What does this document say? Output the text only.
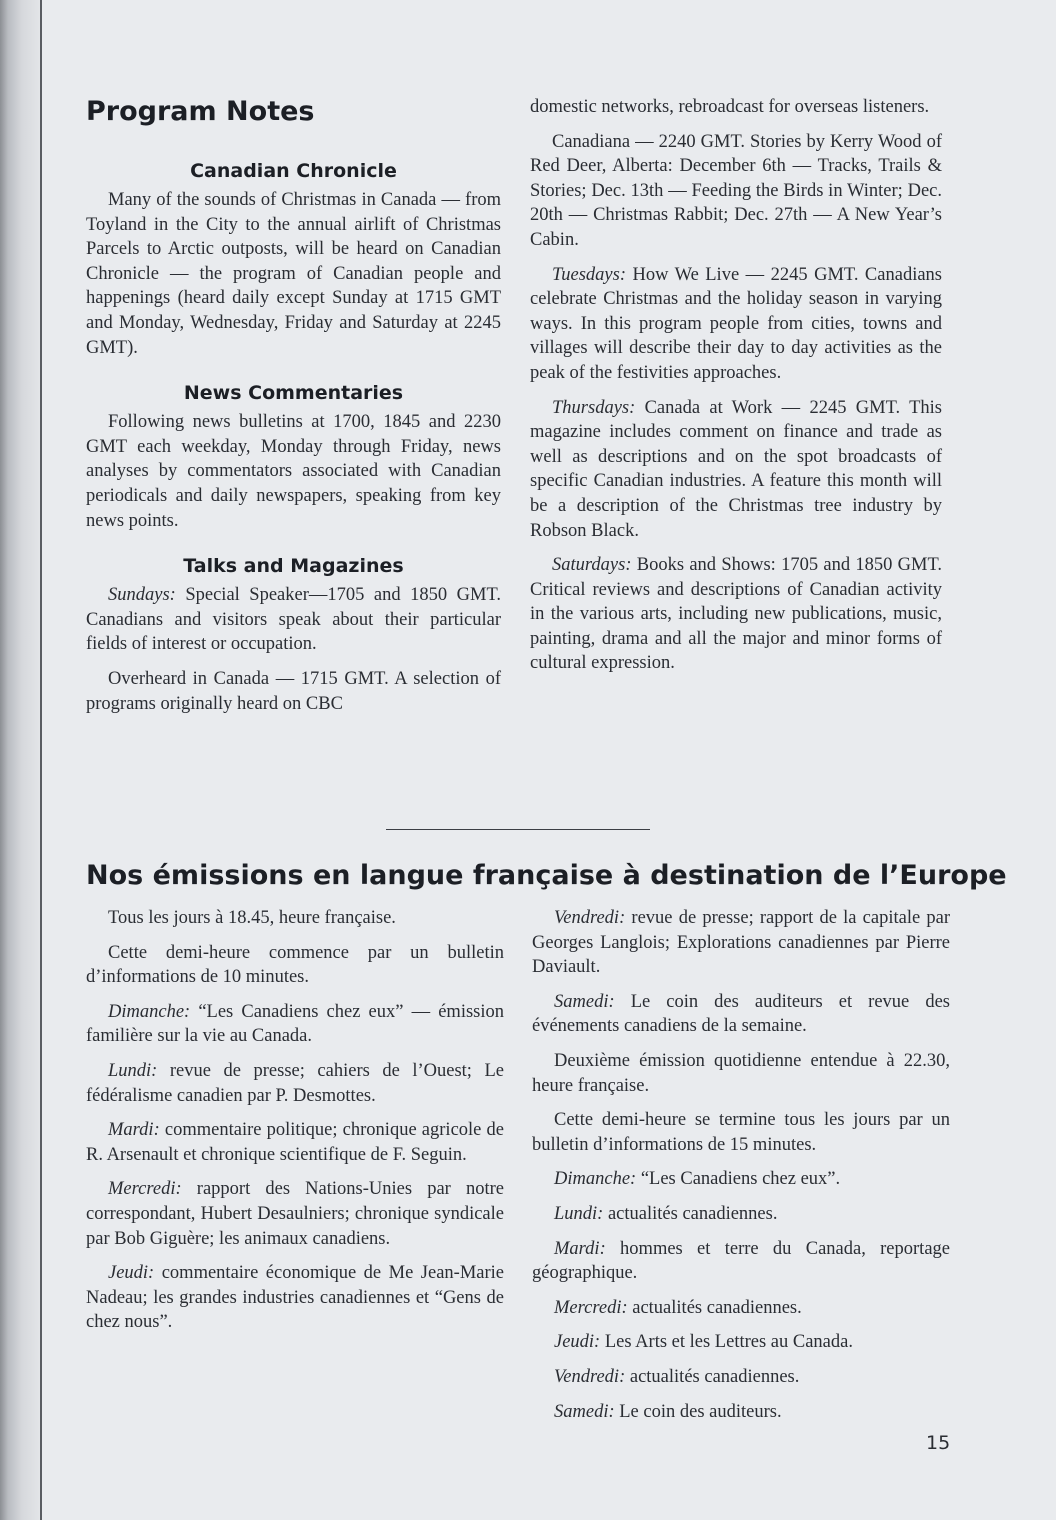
Program Notes
Canadian Chronicle

Many of the sounds of Christmas in Canada — from Toyland in the City to the annual airlift of Christmas Parcels to Arctic outposts, will be heard on Canadian Chronicle — the program of Canadian people and happenings (heard daily except Sunday at 1715 GMT and Monday, Wednesday, Friday and Saturday at 2245 GMT).

News Commentaries

Following news bulletins at 1700, 1845 and 2230 GMT each weekday, Monday through Friday, news analyses by commentators associated with Canadian periodicals and daily newspapers, speaking from key news points.

Talks and Magazines

Sundays: Special Speaker—1705 and 1850 GMT. Canadians and visitors speak about their particular fields of interest or occupation.

Overheard in Canada — 1715 GMT. A selection of programs originally heard on CBC

domestic networks, rebroadcast for overseas listeners.

Canadiana — 2240 GMT. Stories by Kerry Wood of Red Deer, Alberta: December 6th — Tracks, Trails & Stories; Dec. 13th — Feeding the Birds in Winter; Dec. 20th — Christmas Rabbit; Dec. 27th — A New Year’s Cabin.

Tuesdays: How We Live — 2245 GMT. Canadians celebrate Christmas and the holiday season in varying ways. In this program people from cities, towns and villages will describe their day to day activities as the peak of the festivities approaches.

Thursdays: Canada at Work — 2245 GMT. This magazine includes comment on finance and trade as well as descriptions and on the spot broadcasts of specific Canadian industries. A feature this month will be a description of the Christmas tree industry by Robson Black.

Saturdays: Books and Shows: 1705 and 1850 GMT. Critical reviews and descriptions of Canadian activity in the various arts, including new publications, music, painting, drama and all the major and minor forms of cultural expression.

Nos émissions en langue française à destination de l’Europe

Tous les jours à 18.45, heure française.

Cette demi-heure commence par un bulletin d’informations de 10 minutes.

Dimanche: “Les Canadiens chez eux” — émission familière sur la vie au Canada.

Lundi: revue de presse; cahiers de l’Ouest; Le fédéralisme canadien par P. Desmottes.

Mardi: commentaire politique; chronique agricole de R. Arsenault et chronique scientifique de F. Seguin.

Mercredi: rapport des Nations-Unies par notre correspondant, Hubert Desaulniers; chronique syndicale par Bob Giguère; les animaux canadiens.

Jeudi: commentaire économique de Me Jean-Marie Nadeau; les grandes industries canadiennes et “Gens de chez nous”.

Vendredi: revue de presse; rapport de la capitale par Georges Langlois; Explorations canadiennes par Pierre Daviault.

Samedi: Le coin des auditeurs et revue des événements canadiens de la semaine.

Deuxième émission quotidienne entendue à 22.30, heure française.

Cette demi-heure se termine tous les jours par un bulletin d’informations de 15 minutes.

Dimanche: “Les Canadiens chez eux”.

Lundi: actualités canadiennes.

Mardi: hommes et terre du Canada, reportage géographique.

Mercredi: actualités canadiennes.

Jeudi: Les Arts et les Lettres au Canada.

Vendredi: actualités canadiennes.

Samedi: Le coin des auditeurs.

15
